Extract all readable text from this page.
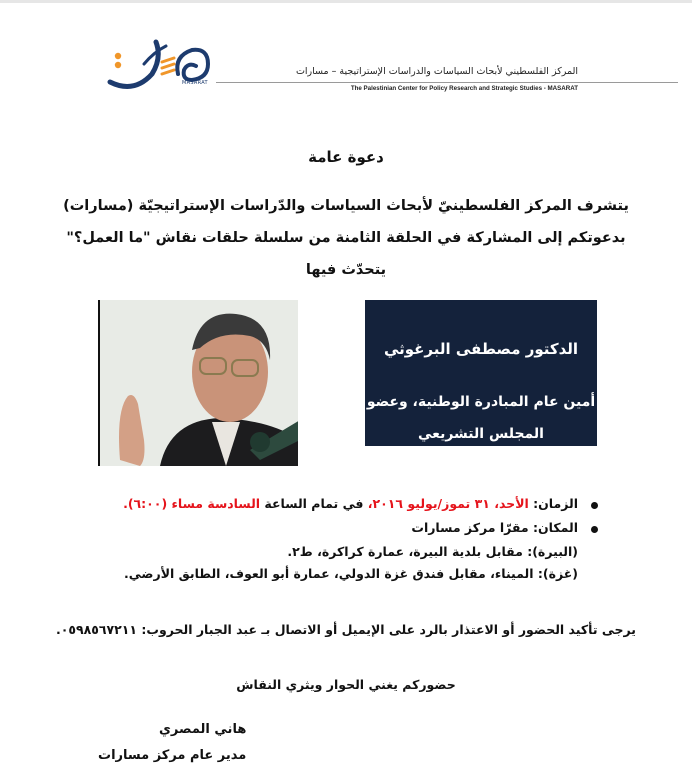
MASARAT
المركز الفلسطيني لأبحاث السياسات والدراسات الإستراتيجية – مسارات
The Palestinian Center for Policy Research and Strategic Studies - MASARAT
دعوة عامة
يتشرف المركز الفلسطينيّ لأبحاث السياسات والدّراسات الإستراتيجيّة (مسارات)
بدعوتكم إلى المشاركة في الحلقة الثامنة من سلسلة حلقات نقاش "ما العمل؟"
يتحدّث فيها
الدكتور مصطفى البرغوثي
أمين عام المبادرة الوطنية، وعضو
المجلس التشريعي
الزمان: الأحد، ٣١ تموز/يوليو ٢٠١٦، في تمام الساعة السادسة مساء (٦:٠٠).
المكان: مقرّا مركز مسارات
(البيرة): مقابل بلدية البيرة، عمارة كراكرة، ط٢.
(غزة): الميناء، مقابل فندق غزة الدولي، عمارة أبو العوف، الطابق الأرضي.
يرجى تأكيد الحضور أو الاعتذار بالرد على الإيميل أو الاتصال بـ عبد الجبار الحروب: ٠٥٩٨٥٦٧٢١١.
حضوركم يغني الحوار ويثري النقاش
هاني المصري
مدير عام مركز مسارات
